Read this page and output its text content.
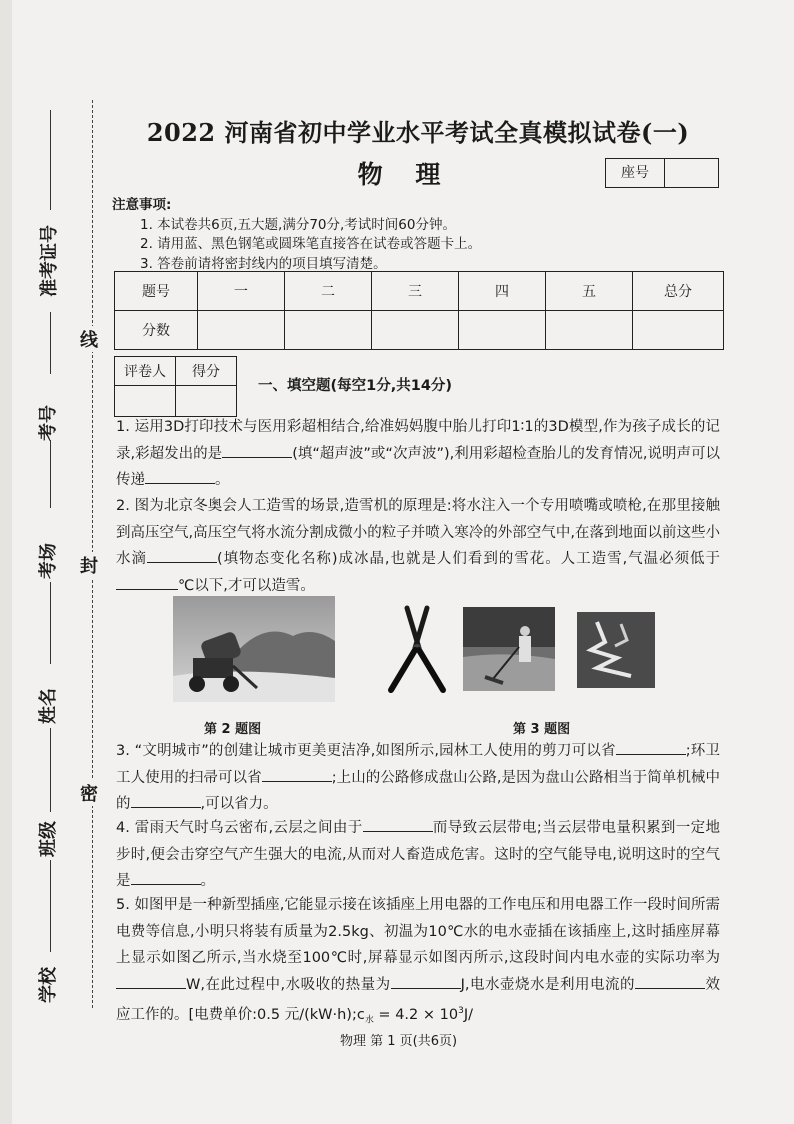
准考证号
考号
考场
姓名
班级
学校
线
封
密
2022 河南省初中学业水平考试全真模拟试卷(一)
物 理	座号
注意事项:
1. 本试卷共6页,五大题,满分70分,考试时间60分钟。
2. 请用蓝、黑色钢笔或圆珠笔直接答在试卷或答题卡上。
3. 答卷前请将密封线内的项目填写清楚。
题号	一	二	三	四	五	总分
分数						
评卷人	得分

一、填空题(每空1分,共14分)
1. 运用3D打印技术与医用彩超相结合,给准妈妈腹中胎儿打印1∶1的3D模型,作为孩子成长的记录,彩超发出的是	(填“超声波”或“次声波”),利用彩超检查胎儿的发育情况,说明声可以传递	。
2. 图为北京冬奥会人工造雪的场景,造雪机的原理是:将水注入一个专用喷嘴或喷枪,在那里接触到高压空气,高压空气将水流分割成微小的粒子并喷入寒冷的外部空气中,在落到地面以前这些小水滴	(填物态变化名称)成冰晶,也就是人们看到的雪花。人工造雪,气温必须低于℃以下,才可以造雪。
第 2 题图	第 3 题图
3. “文明城市”的创建让城市更美更洁净,如图所示,园林工人使用的剪刀可以省	;环卫工人使用的扫帚可以省	;上山的公路修成盘山公路,是因为盘山公路相当于简单机械中的	,可以省力。
4. 雷雨天气时乌云密布,云层之间由于	而导致云层带电;当云层带电量积累到一定地步时,便会击穿空气产生强大的电流,从而对人畜造成危害。这时的空气能导电,说明这时的空气是	。
5. 如图甲是一种新型插座,它能显示接在该插座上用电器的工作电压和用电器工作一段时间所需电费等信息,小明只将装有质量为2.5kg、初温为10℃水的电水壶插在该插座上,这时插座屏幕上显示如图乙所示,当水烧至100℃时,屏幕显示如图丙所示,这段时间内电水壶的实际功率为W,在此过程中,水吸收的热量为	J,电水壶烧水是利用电流的	效应工作的。[电费单价:0.5 元$/(kW\cdot h);c_水 = 4.2 \times 10^3J/$
物理 第 1 页(共6页)
